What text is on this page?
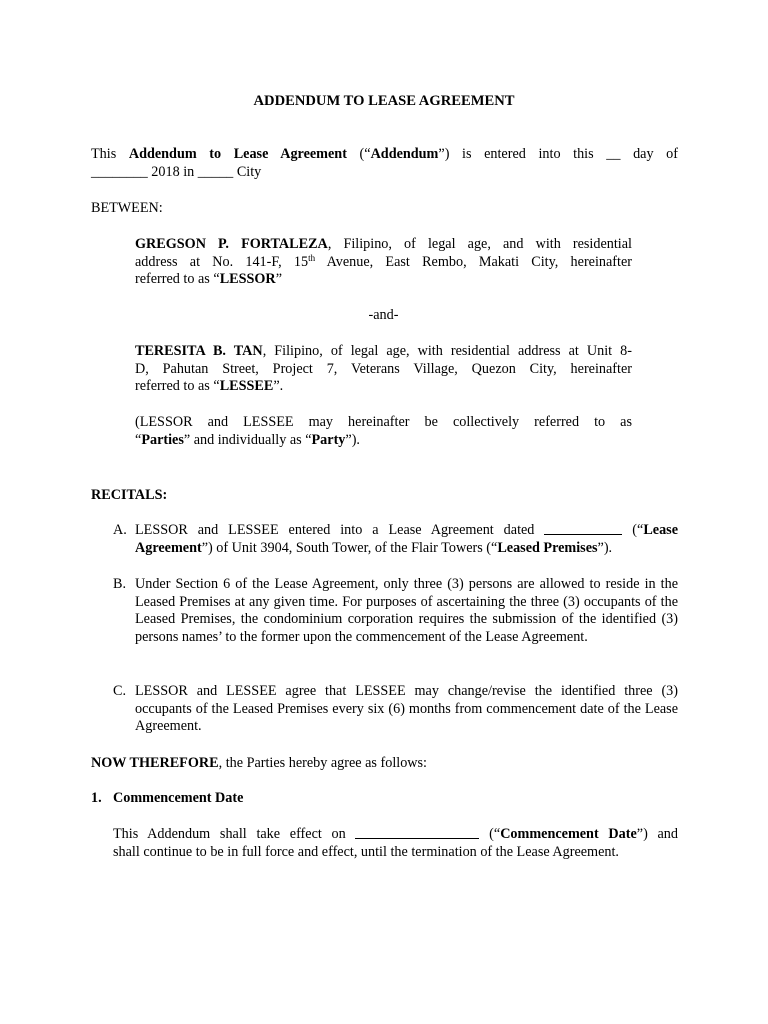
ADDENDUM TO LEASE AGREEMENT
This Addendum to Lease Agreement (“Addendum”) is entered into this __ day of
________ 2018 in _____ City
BETWEEN:
GREGSON P. FORTALEZA, Filipino, of legal age, and with residential
address at No. 141-F, 15th Avenue, East Rembo, Makati City, hereinafter
referred to as “LESSOR”
-and-
TERESITA B. TAN, Filipino, of legal age, with residential address at Unit 8-
D, Pahutan Street, Project 7, Veterans Village, Quezon City, hereinafter
referred to as “LESSEE”.
(LESSOR and LESSEE may hereinafter be collectively referred to as
“Parties” and individually as “Party”).
RECITALS:
A. LESSOR and LESSEE entered into a Lease Agreement dated	(“Lease
Agreement”) of Unit 3904, South Tower, of the Flair Towers (“Leased Premises”).
B. Under Section 6 of the Lease Agreement, only three (3) persons are allowed to reside in the Leased Premises at any given time. For purposes of ascertaining the three (3) occupants of the Leased Premises, the condominium corporation requires the submission of the identified (3) persons names’ to the former upon the commencement of the Lease Agreement.
C. LESSOR and LESSEE agree that LESSEE may change/revise the identified three (3) occupants of the Leased Premises every six (6) months from commencement date of the Lease Agreement.
NOW THEREFORE, the Parties hereby agree as follows:
1. Commencement Date
This Addendum shall take effect on	(“Commencement Date”) and
shall continue to be in full force and effect, until the termination of the Lease Agreement.
